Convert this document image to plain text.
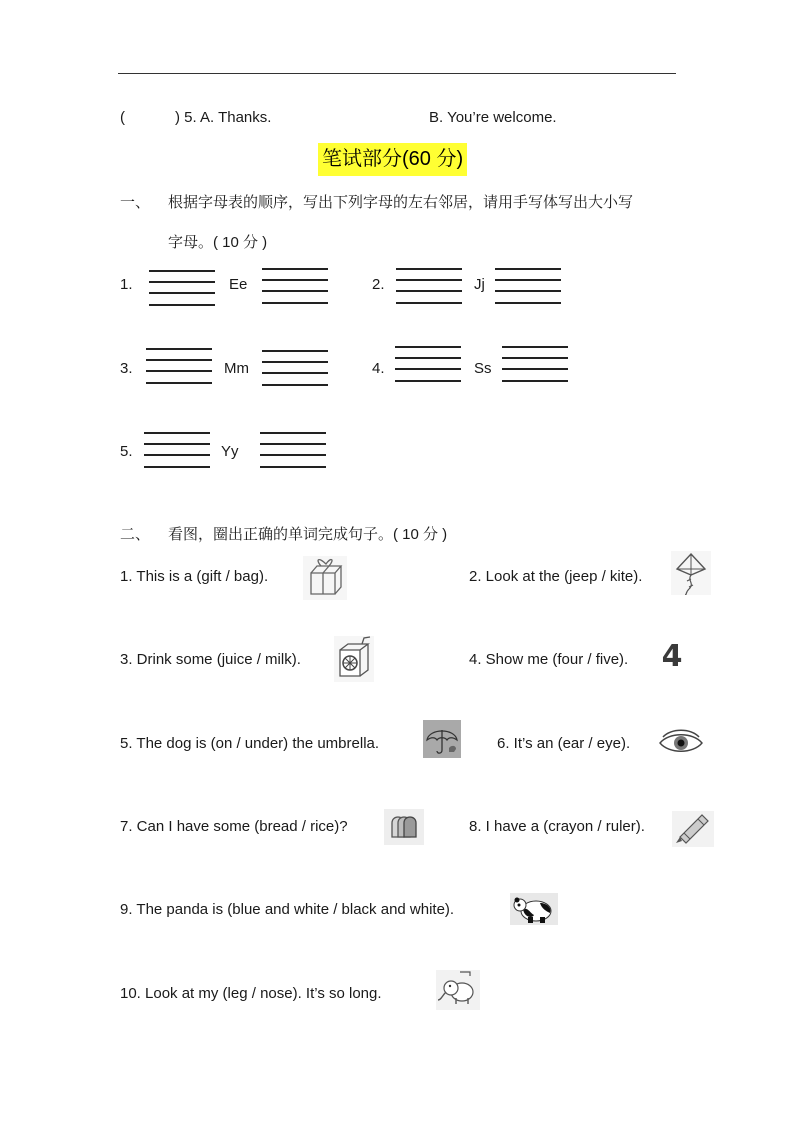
(	) 5. A. Thanks.	B. You’re welcome.
笔试部分(60 分)
一、 根据字母表的顺序，写出下列字母的左右邻居，请用手写体写出大小写
字母。( 10 分 )
1.	Ee	2.	Jj
3.	Mm	4.	Ss
5.	Yy
二、 看图，圈出正确的单词完成句子。( 10 分 )
1. This is a (gift / bag).	2. Look at the (jeep / kite).
3. Drink some (juice / milk).	4. Show me (four / five). 4
5. The dog is (on / under) the umbrella.	6. It’s an (ear / eye).
7. Can I have some (bread / rice)?	8. I have a (crayon / ruler).
9. The panda is (blue and white / black and white).
10. Look at my (leg / nose). It’s so long.
